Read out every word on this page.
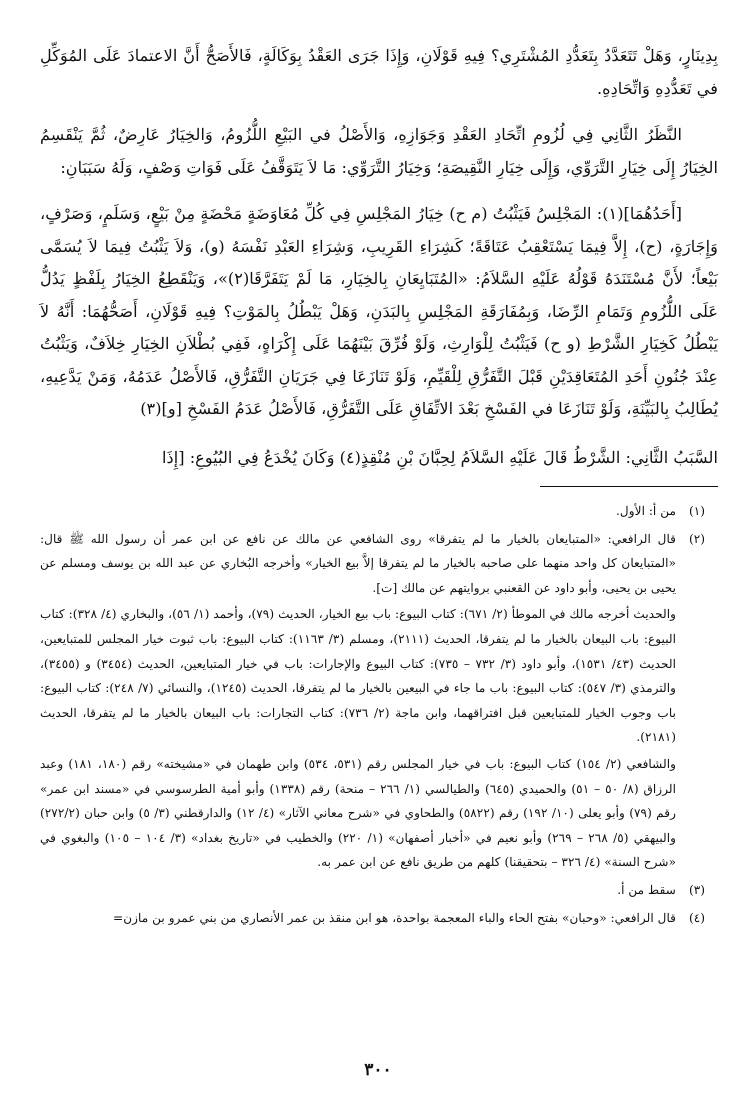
بِدِينَارٍ، وَهَلْ تَتَعَدَّدُ بِتَعَدُّدِ المُشْتَرِي؟ فِيهِ قَوْلَانِ، وَإِذَا جَرَى العَقْدُ بِوَكَالَةٍ، فَالأَصَحُّ أَنَّ الاعتمادَ عَلَى المُوَكِّلِ في تَعَدُّدِهِ وَاتِّحَادِهِ.

النَّظَرُ الثَّانِي فِي لُزُومِ اتِّحَادِ العَقْدِ وَجَوَازِهِ، وَالأَصْلُ في البَيْعِ اللُّزُومُ، وَالخِيَارُ عَارِضٌ، ثُمَّ يَنْقَسِمُ الخِيَارُ إِلَى خِيَارِ التَّرَوِّي، وَإِلَى خِيَارِ النَّقِيصَةِ؛ وَخِيَارُ التَّرَوِّي: مَا لاَ يَتَوَقَّفُ عَلَى فَوَاتِ وَصْفٍ، وَلَهُ سَبَبَانِ:

[أَحَدُهُمَا](١): المَجْلِسُ فَيَثْبُتُ (م ح) خِيَارُ المَجْلِسِ فِي كُلِّ مُعَاوَضَةٍ مَحْضَةٍ مِنْ بَيْعٍ، وَسَلَمٍ، وَصَرْفٍ، وَإِجَارَةٍ، (ح)، إِلاَّ فِيمَا يَسْتَعْقِبُ عَتَاقَةً؛ كَشِرَاءِ القَرِيبِ، وَشِرَاءِ العَبْدِ نَفْسَهُ (و)، وَلاَ يَثْبُتُ فِيمَا لاَ يُسَمَّى بَيْعاً؛ لأَنَّ مُسْتَنَدَهُ قَوْلُهُ عَلَيْهِ السَّلاَمُ: «المُتَبَايِعَانِ بِالخِيَارِ، مَا لَمْ يَتَفَرَّقَا(٢)»، وَيَنْقَطِعُ الخِيَارُ بِلَفْظٍ يَدُلُّ عَلَى اللُّزُومِ وَتَمَامِ الرِّضَا، وَبِمُفَارَقَةِ المَجْلِسِ بِالبَدَنِ، وَهَلْ يَبْطُلُ بِالمَوْتِ؟ فِيهِ قَوْلَانِ، أَصَحُّهُمَا: أَنَّهُ لاَ يَبْطُلُ كَخِيَارِ الشَّرْطِ (و ح) فَيَثْبُتُ لِلْوَارِثِ، وَلَوْ فُرِّقَ بَيْنَهُمَا عَلَى إِكْرَاهٍ، فَفِي بُطْلاَنِ الخِيَارِ خِلاَفٌ، وَيَثْبُتُ عِنْدَ جُنُونِ أَحَدِ المُتَعَاقِدَيْنِ قَبْلَ التَّفَرُّقِ لِلْقَيِّمِ، وَلَوْ تَنَازَعَا فِي جَرَيَانِ التَّفَرُّقِ، فَالأَصْلُ عَدَمُهُ، وَمَنْ يَدَّعِيهِ، يُطَالِبُ بِالبَيِّنَةِ، وَلَوْ تَنَازَعَا في الفَسْخِ بَعْدَ الاتِّفَاقِ عَلَى التَّفَرُّقِ، فَالأَصْلُ عَدَمُ الفَسْخِ [و](٣)

السَّبَبُ الثَّانِي: الشَّرْطُ قَالَ عَلَيْهِ السَّلاَمُ لِحِبَّانَ بْنِ مُنْقِذٍ(٤) وَكَانَ يُخْدَعُ فِي البُيُوعِ: [إِذَا

(١)

من أ: الأول.

(٢)

قال الرافعي: «المتبايعان بالخيار ما لم يتفرقا» روى الشافعي عن مالك عن نافع عن ابن عمر أن رسول الله ﷺ قال: «المتبايعان كل واحد منهما على صاحبه بالخيار ما لم يتفرقا إلاَّ بيع الخيار» وأخرجه البُخاري عن عبد الله بن يوسف ومسلم عن يحيى بن يحيى، وأبو داود عن القعنبي بروايتهم عن مالك [ت].

والحديث أخرجه مالك في الموطأ (٢/ ٦٧١): كتاب البيوع: باب بيع الخيار، الحديث (٧٩)، وأحمد (١/ ٥٦)، والبخاري (٤/ ٣٢٨): كتاب البيوع: باب البيعان بالخيار ما لم يتفرقا، الحديث (٢١١١)، ومسلم (٣/ ١١٦٣): كتاب البيوع: باب ثبوت خيار المجلس للمتبايعين، الحديث (٤٣/ ١٥٣١)، وأبو داود (٣/ ٧٣٢ – ٧٣٥): كتاب البيوع والإجارات: باب في خيار المتبايعين، الحديث (٣٤٥٤) و (٣٤٥٥)، والترمذي (٣/ ٥٤٧): كتاب البيوع: باب ما جاء في البيعين بالخيار ما لم يتفرقا، الحديث (١٢٤٥)، والنسائي (٧/ ٢٤٨): كتاب البيوع: باب وجوب الخيار للمتبايعين قبل افتراقهما، وابن ماجة (٢/ ٧٣٦): كتاب التجارات: باب البيعان بالخيار ما لم يتفرقا، الحديث (٢١٨١).

والشافعي (٢/ ١٥٤) كتاب البيوع: باب في خيار المجلس رقم (٥٣١، ٥٣٤) وابن طهمان في «مشيخته» رقم (١٨٠، ١٨١) وعبد الرزاق (٨/ ٥٠ – ٥١) والحميدي (٦٤٥) والطيالسي (١/ ٢٦٦ – منحة) رقم (١٣٣٨) وأبو أمية الطرسوسي في «مسند ابن عمر» رقم (٧٩) وأبو يعلى (١٠/ ١٩٢) رقم (٥٨٢٢) والطحاوي في «شرح معاني الآثار» (٤/ ١٢) والدارقطني (٣/ ٥) وابن حبان (٢٧٢/٢) والبيهقي (٥/ ٢٦٨ – ٢٦٩) وأبو نعيم في «أخبار أصفهان» (١/ ٢٢٠) والخطيب في «تاريخ بغداد» (٣/ ١٠٤ – ١٠٥) والبغوي في «شرح السنة» (٤/ ٣٢٦ – بتحقيقنا) كلهم من طريق نافع عن ابن عمر به.

(٣)

سقط من أ.

(٤)

قال الرافعي: «وحبان» بفتح الحاء والباء المعجمة بواحدة، هو ابن منقذ بن عمر الأنصاري من بني عمرو بن مازن=

٣٠٠
